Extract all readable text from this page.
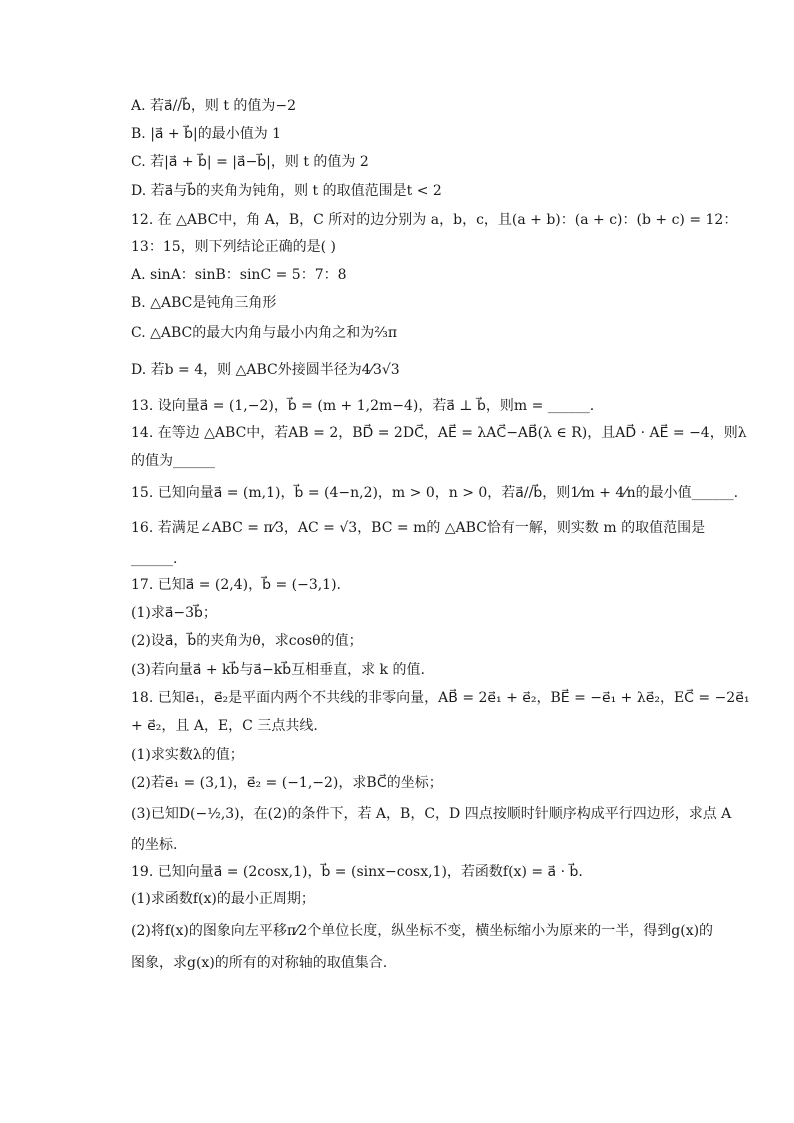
A. 若a⃗//b⃗，则 t 的值为−2
B. |a⃗ + b⃗|的最小值为 1
C. 若|a⃗ + b⃗| = |a⃗−b⃗|，则 t 的值为 2
D. 若a⃗与b⃗的夹角为钝角，则 t 的取值范围是t < 2
12. 在 △ABC中，角 A，B，C 所对的边分别为 a，b，c，且(a + b)：(a + c)：(b + c) = 12：
13：15，则下列结论正确的是( )
A. sinA：sinB：sinC = 5：7：8
B. △ABC是钝角三角形
C. △ABC的最大内角与最小内角之和为⅔π
D. 若b = 4，则 △ABC外接圆半径为4⁄3√3
13. 设向量a⃗ = (1,−2)，b⃗ = (m + 1,2m−4)，若a⃗ ⊥ b⃗，则m = ______.
14. 在等边 △ABC中，若AB = 2，BD⃗ = 2DC⃗，AE⃗ = λAC⃗−AB⃗(λ ∈ R)，且AD⃗ · AE⃗ = −4，则λ
的值为______
15. 已知向量a⃗ = (m,1)，b⃗ = (4−n,2)，m > 0，n > 0，若a⃗//b⃗，则1⁄m + 4⁄n的最小值______.
16. 若满足∠ABC = π⁄3，AC = √3，BC = m的 △ABC恰有一解，则实数 m 的取值范围是
______.
17. 已知a⃗ = (2,4)，b⃗ = (−3,1).
(1)求a⃗−3b⃗；
(2)设a⃗，b⃗的夹角为θ，求cosθ的值；
(3)若向量a⃗ + kb⃗与a⃗−kb⃗互相垂直，求 k 的值.
18. 已知e⃗₁，e⃗₂是平面内两个不共线的非零向量，AB⃗ = 2e⃗₁ + e⃗₂，BE⃗ = −e⃗₁ + λe⃗₂，EC⃗ = −2e⃗₁
+ e⃗₂，且 A，E，C 三点共线.
(1)求实数λ的值；
(2)若e⃗₁ = (3,1)，e⃗₂ = (−1,−2)，求BC⃗的坐标；
(3)已知D(−½,3)，在(2)的条件下，若 A，B，C，D 四点按顺时针顺序构成平行四边形，求点 A
的坐标.
19. 已知向量a⃗ = (2cosx,1)，b⃗ = (sinx−cosx,1)，若函数f(x) = a⃗ · b⃗.
(1)求函数f(x)的最小正周期；
(2)将f(x)的图象向左平移π⁄2个单位长度，纵坐标不变，横坐标缩小为原来的一半，得到g(x)的
图象，求g(x)的所有的对称轴的取值集合.
